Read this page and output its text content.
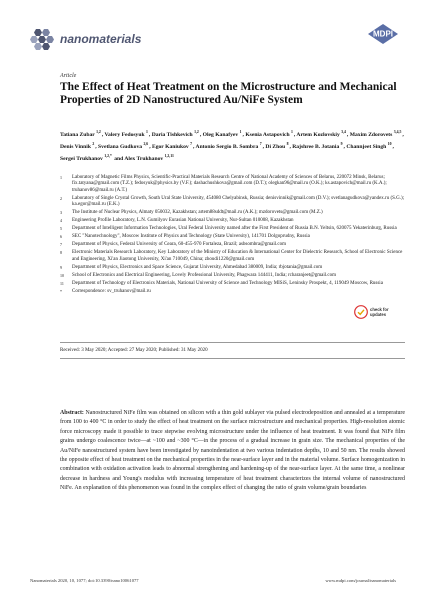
nanomaterials	MDPI
Article
The Effect of Heat Treatment on the Microstructure and Mechanical Properties of 2D Nanostructured Au/NiFe System
Tatiana Zubar $^{1,2}$, Valery Fedosyuk $^1$, Daria Tishkevich $^{1,2}$, Oleg Kanafyev $^1$, Ksenia Astapovich $^1$, Artem Kozlovskiy $^{3,4}$, Maxim Zdorovets $^{3,4,5}$, Denis Vinnik $^2$, Svetlana Gudkova $^{2,6}$, Egor Kaniukov $^7$, Antonio Sergio B. Sombra $^7$, Di Zhou $^8$, Rajshree B. Jotania $^9$, Channjeet Singh $^{10}$, Sergei Trukhanov $^{1,2,*}$ and Alex Trukhanov $^{1,2,11}$
1 Laboratory of Magnetic Films Physics, Scientific-Practical Materials Research Centre of National Academy of Sciences of Belarus, 220072 Minsk, Belarus; fix.tatyana@gmail.com (T.Z.); fedosyuk@physics.by (V.F.); dashachushkova@gmail.com (D.T.); olegkan96@mail.ru (O.K.); ks.astapovich@mail.ru (K.A.); truhanov86@mail.ru (A.T.)
2 Laboratory of Single Crystal Growth, South Ural State University, 454080 Chelyabinsk, Russia; denisvinnik@gmail.com (D.V.); svetlanagudkova@yandex.ru (S.G.); ka.egor@mail.ru (E.K.)
3 The Institute of Nuclear Physics, Almaty 050032, Kazakhstan; artem88sddt@mail.ru (A.K.); mzdorovets@gmail.com (M.Z.)
4 Engineering Profile Laboratory, L.N. Gumilyov Eurasian National University, Nur-Sultan 010008, Kazakhstan
5 Department of Intelligent Information Technologies, Ural Federal University named after the First President of Russia B.N. Yeltsin, 620075 Yekaterinburg, Russia
6 SEC "Nanotechnology", Moscow Institute of Physics and Technology (State University), 141701 Dolgoprudny, Russia
7 Department of Physics, Federal University of Ceara, 60-455-970 Fortaleza, Brazil; asbsombra@gmail.com
8 Electronic Materials Research Laboratory, Key Laboratory of the Ministry of Education & International Center for Dielectric Research, School of Electronic Science and Engineering, Xi'an Jiaotong University, Xi'an 710049, China; zhoudi1220@gmail.com
9 Department of Physics, Electronics and Space Science, Gujarat University, Ahmedabad 380009, India; rbjotania@gmail.com
10 School of Electronics and Electrical Engineering, Lovely Professional University, Phagwara 144411, India; rcharanjeet@gmail.com
11 Department of Technology of Electronics Materials, National University of Science and Technology MISiS, Leninsky Prospekt, 4, 119049 Moscow, Russia
* Correspondence: sv_truhanov@mail.ru
check for
updates
Received: 3 May 2020; Accepted: 27 May 2020; Published: 31 May 2020

Abstract: Nanostructured NiFe film was obtained on silicon with a thin gold sublayer via pulsed electrodeposition and annealed at a temperature from 100 to 400 °C in order to study the effect of heat treatment on the surface microstructure and mechanical properties. High-resolution atomic force microscopy made it possible to trace stepwise evolving microstructure under the influence of heat treatment. It was found that NiFe film grains undergo coalescence twice—at ~100 and ~300 °C—in the process of a gradual increase in grain size. The mechanical properties of the Au/NiFe nanostructured system have been investigated by nanoindentation at two various indentation depths, 10 and 50 nm. The results showed the opposite effect of heat treatment on the mechanical properties in the near-surface layer and in the material volume. Surface homogenization in combination with oxidation activation leads to abnormal strengthening and hardening-up of the near-surface layer. At the same time, a nonlinear decrease in hardness and Young's modulus with increasing temperature of heat treatment characterizes the internal volume of nanostructured NiFe. An explanation of this phenomenon was found in the complex effect of changing the ratio of grain volume/grain boundaries

Nanomaterials 2020, 10, 1077; doi:10.3390/nano10061077	www.mdpi.com/journal/nanomaterials
